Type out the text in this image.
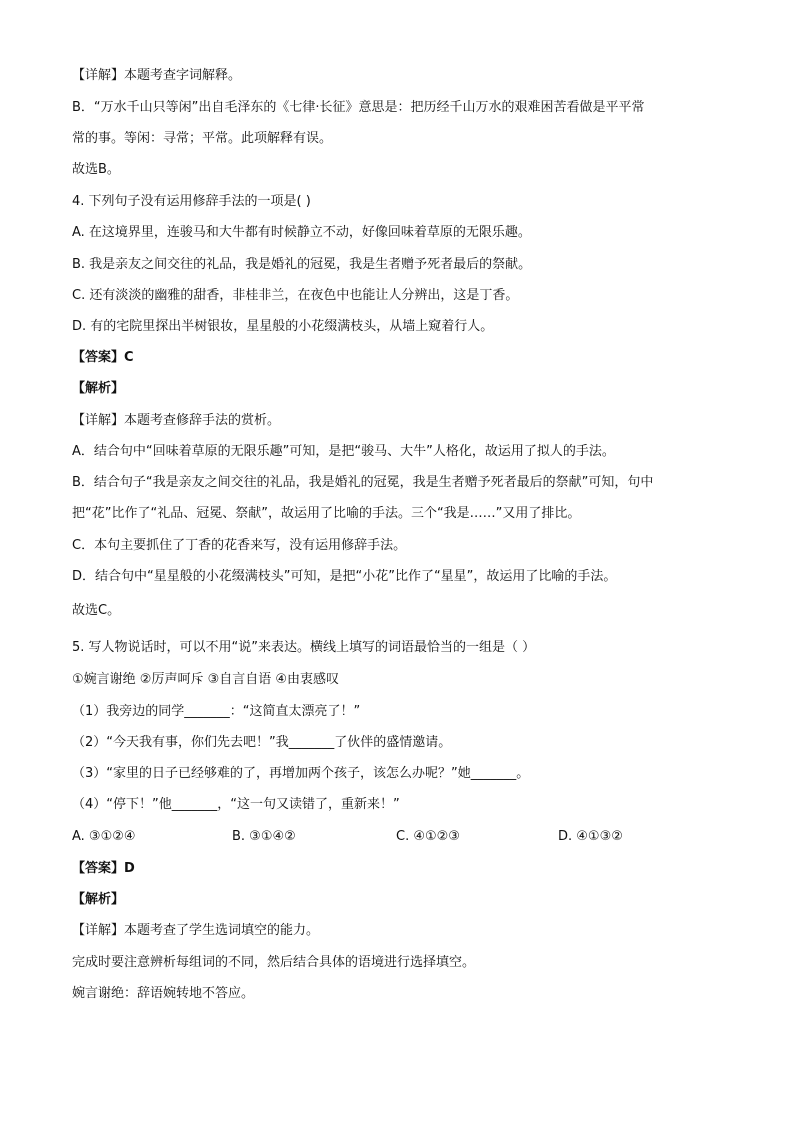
【详解】本题考查字词解释。
B．“万水千山只等闲”出自毛泽东的《七律·长征》意思是：把历经千山万水的艰难困苦看做是平平常
常的事。等闲：寻常；平常。此项解释有误。
故选B。
4. 下列句子没有运用修辞手法的一项是( )
A. 在这境界里，连骏马和大牛都有时候静立不动，好像回味着草原的无限乐趣。
B. 我是亲友之间交往的礼品，我是婚礼的冠冕，我是生者赠予死者最后的祭献。
C. 还有淡淡的幽雅的甜香，非桂非兰，在夜色中也能让人分辨出，这是丁香。
D. 有的宅院里探出半树银妆，星星般的小花缀满枝头，从墙上窥着行人。
【答案】C
【解析】
【详解】本题考查修辞手法的赏析。
A．结合句中“回味着草原的无限乐趣”可知，是把“骏马、大牛”人格化，故运用了拟人的手法。
B．结合句子“我是亲友之间交往的礼品，我是婚礼的冠冕，我是生者赠予死者最后的祭献”可知，句中
把“花”比作了“礼品、冠冕、祭献”，故运用了比喻的手法。三个“我是……”又用了排比。
C．本句主要抓住了丁香的花香来写，没有运用修辞手法。
D．结合句中“星星般的小花缀满枝头”可知，是把“小花”比作了“星星”，故运用了比喻的手法。
故选C。
5. 写人物说话时，可以不用“说”来表达。横线上填写的词语最恰当的一组是（ ）
①婉言谢绝 ②厉声呵斥 ③自言自语 ④由衷感叹
（1）我旁边的同学_______：“这简直太漂亮了！”
（2）“今天我有事，你们先去吧！”我_______了伙伴的盛情邀请。
（3）“家里的日子已经够难的了，再增加两个孩子，该怎么办呢？”她_______。
（4）“停下！”他_______，“这一句又读错了，重新来！”
A. ③①②④	B. ③①④②	C. ④①②③	D. ④①③②
【答案】D
【解析】
【详解】本题考查了学生选词填空的能力。
完成时要注意辨析每组词的不同，然后结合具体的语境进行选择填空。
婉言谢绝：辞语婉转地不答应。
